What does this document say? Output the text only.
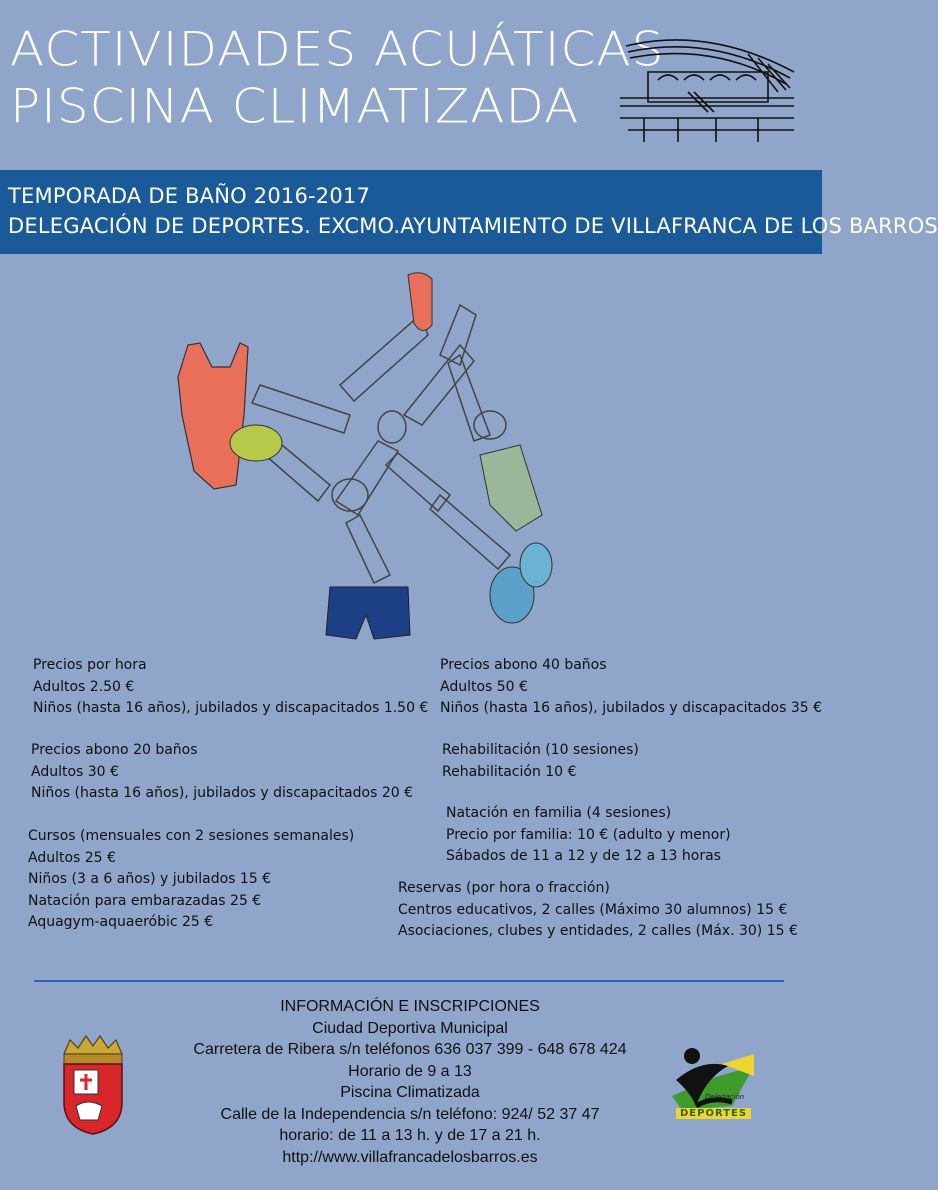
ACTIVIDADES ACUÁTICAS
PISCINA CLIMATIZADA
TEMPORADA DE BAÑO 2016-2017
DELEGACIÓN DE DEPORTES. EXCMO.AYUNTAMIENTO DE VILLAFRANCA DE LOS BARROS
Precios por hora
Adultos 2.50 €
Niños (hasta 16 años), jubilados y discapacitados 1.50 €
Precios abono 20 baños
Adultos 30 €
Niños (hasta 16 años), jubilados y discapacitados 20 €
Cursos (mensuales con 2 sesiones semanales)
Adultos 25 €
Niños (3 a 6 años) y jubilados 15 €
Natación para embarazadas 25 €
Aquagym-aquaeróbic 25 €
Precios abono 40 baños
Adultos 50 €
Niños (hasta 16 años), jubilados y discapacitados 35 €
Rehabilitación (10 sesiones)
Rehabilitación 10 €
Natación en familia (4 sesiones)
Precio por familia: 10 € (adulto y menor)
Sábados de 11 a 12 y de 12 a 13 horas
Reservas (por hora o fracción)
Centros educativos, 2 calles (Máximo 30 alumnos) 15 €
Asociaciones, clubes y entidades, 2 calles (Máx. 30) 15 €
INFORMACIÓN E INSCRIPCIONES
Ciudad Deportiva Municipal
Carretera de Ribera s/n teléfonos 636 037 399 - 648 678 424
Horario de 9 a 13
Piscina Climatizada
Calle de la Independencia s/n teléfono: 924/ 52 37 47
horario: de 11 a 13 h. y de 17 a 21 h.
http://www.villafrancadelosbarros.es
Delegación
DEPORTES
